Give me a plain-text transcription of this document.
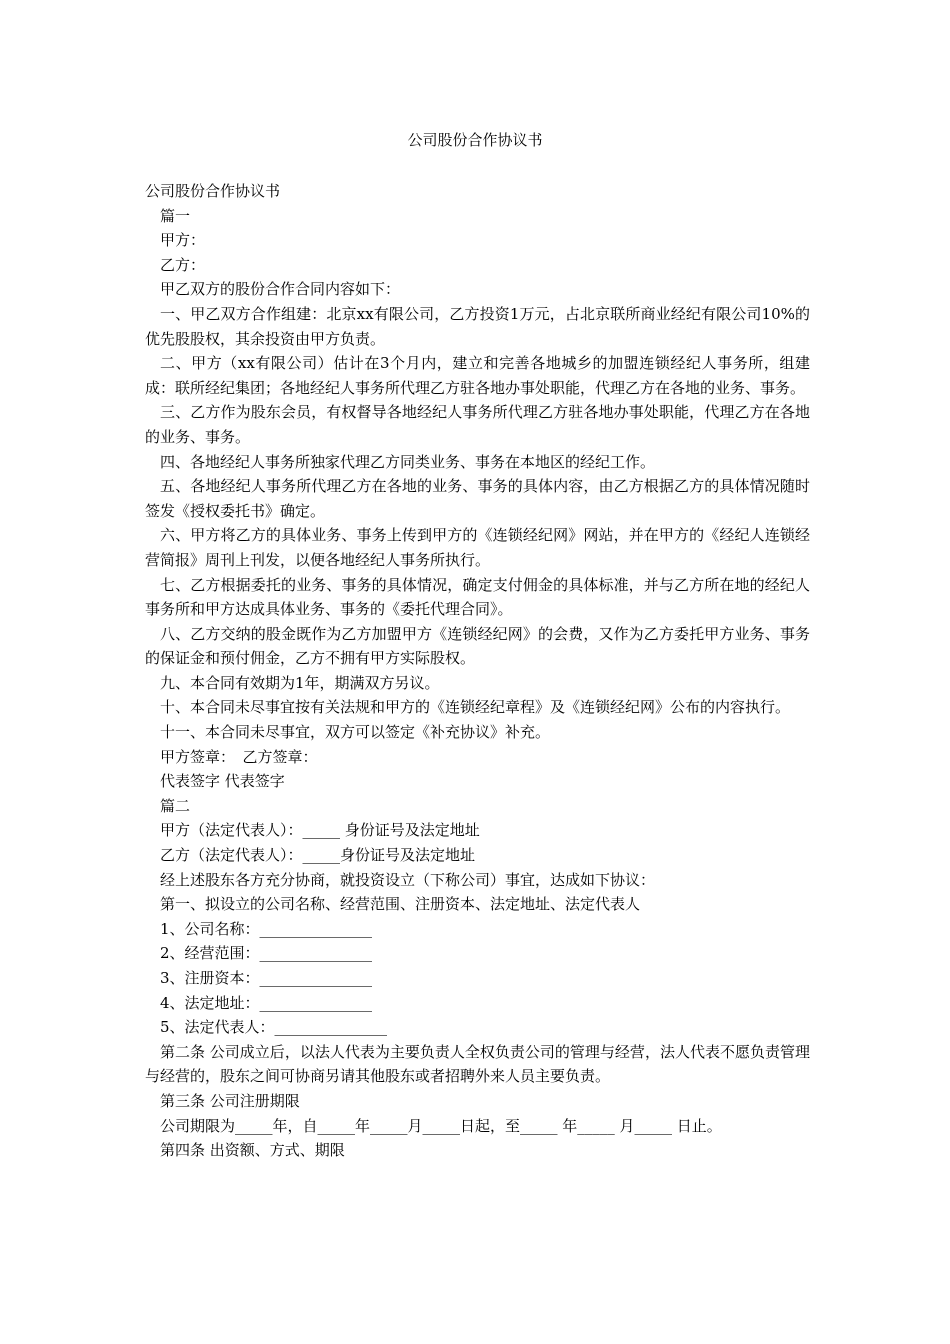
公司股份合作协议书
公司股份合作协议书
篇一
甲方：
乙方：
甲乙双方的股份合作合同内容如下：
一、甲乙双方合作组建：北京xx有限公司，乙方投资1万元，占北京联所商业经纪有限公司10%的优先股股权，其余投资由甲方负责。
二、甲方（xx有限公司）估计在3个月内，建立和完善各地城乡的加盟连锁经纪人事务所，组建成：联所经纪集团；各地经纪人事务所代理乙方驻各地办事处职能，代理乙方在各地的业务、事务。
三、乙方作为股东会员，有权督导各地经纪人事务所代理乙方驻各地办事处职能，代理乙方在各地的业务、事务。
四、各地经纪人事务所独家代理乙方同类业务、事务在本地区的经纪工作。
五、各地经纪人事务所代理乙方在各地的业务、事务的具体内容，由乙方根据乙方的具体情况随时签发《授权委托书》确定。
六、甲方将乙方的具体业务、事务上传到甲方的《连锁经纪网》网站，并在甲方的《经纪人连锁经营简报》周刊上刊发，以便各地经纪人事务所执行。
七、乙方根据委托的业务、事务的具体情况，确定支付佣金的具体标准，并与乙方所在地的经纪人事务所和甲方达成具体业务、事务的《委托代理合同》。
八、乙方交纳的股金既作为乙方加盟甲方《连锁经纪网》的会费，又作为乙方委托甲方业务、事务的保证金和预付佣金，乙方不拥有甲方实际股权。
九、本合同有效期为1年，期满双方另议。
十、本合同未尽事宜按有关法规和甲方的《连锁经纪章程》及《连锁经纪网》公布的内容执行。
十一、本合同未尽事宜，双方可以签定《补充协议》补充。
甲方签章：　乙方签章：
代表签字 代表签字
篇二
甲方（法定代表人）：_____ 身份证号及法定地址
乙方（法定代表人）：_____身份证号及法定地址
经上述股东各方充分协商，就投资设立（下称公司）事宜，达成如下协议：
第一、拟设立的公司名称、经营范围、注册资本、法定地址、法定代表人
1、公司名称：_______________
2、经营范围：_______________
3、注册资本：_______________
4、法定地址：_______________
5、法定代表人：_______________
第二条 公司成立后，以法人代表为主要负责人全权负责公司的管理与经营，法人代表不愿负责管理与经营的，股东之间可协商另请其他股东或者招聘外来人员主要负责。
第三条 公司注册期限
公司期限为_____年，自_____年_____月_____日起，至_____ 年_____ 月_____ 日止。
第四条 出资额、方式、期限
